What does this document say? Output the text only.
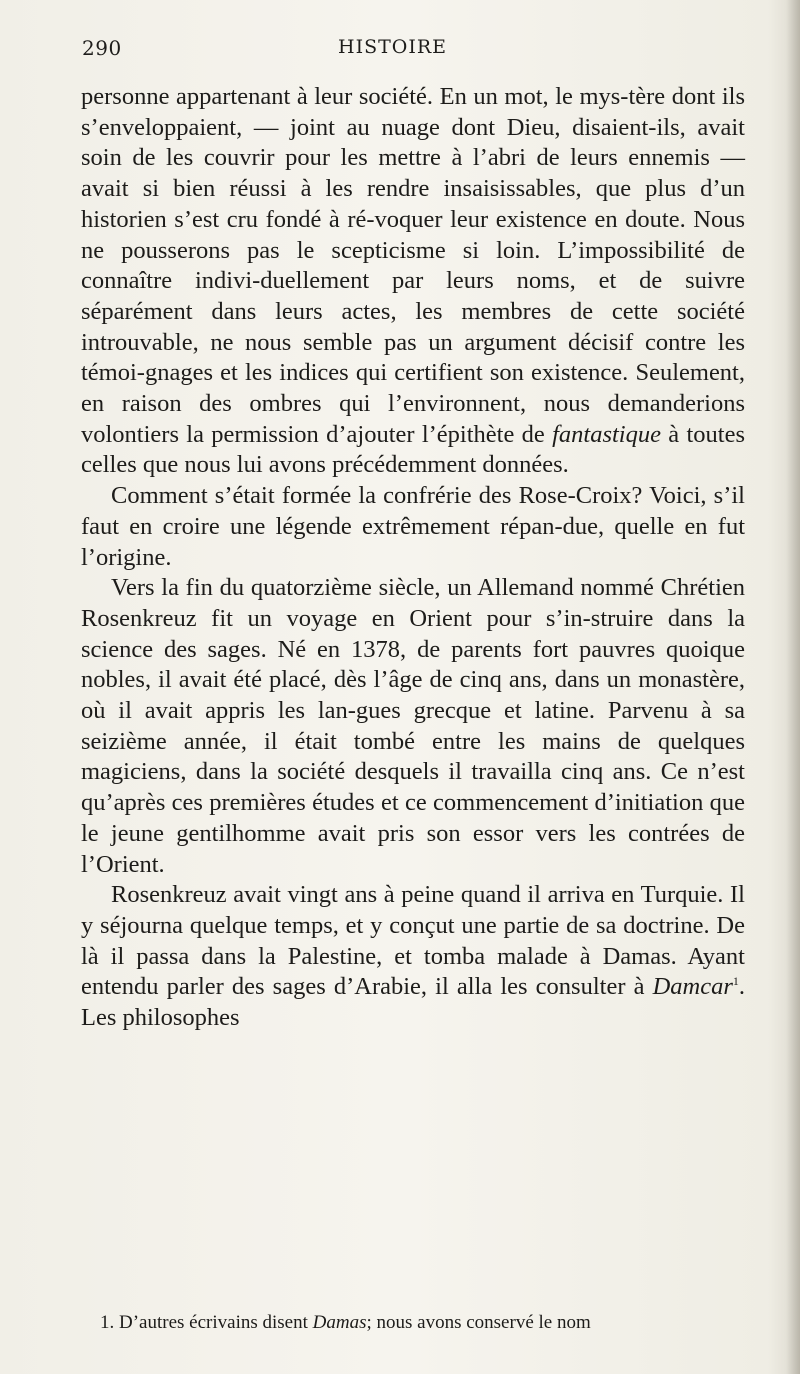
290	HISTOIRE

personne appartenant à leur société. En un mot, le mys-tère dont ils s’enveloppaient, — joint au nuage dont Dieu, disaient-ils, avait soin de les couvrir pour les mettre à l’abri de leurs ennemis — avait si bien réussi à les rendre insaisissables, que plus d’un historien s’est cru fondé à ré-voquer leur existence en doute. Nous ne pousserons pas le scepticisme si loin. L’impossibilité de connaître indivi-duellement par leurs noms, et de suivre séparément dans leurs actes, les membres de cette société introuvable, ne nous semble pas un argument décisif contre les témoi-gnages et les indices qui certifient son existence. Seulement, en raison des ombres qui l’environnent, nous demanderions volontiers la permission d’ajouter l’épithète de fantastique à toutes celles que nous lui avons précédemment données.

Comment s’était formée la confrérie des Rose-Croix? Voici, s’il faut en croire une légende extrêmement répan-due, quelle en fut l’origine.

Vers la fin du quatorzième siècle, un Allemand nommé Chrétien Rosenkreuz fit un voyage en Orient pour s’in-struire dans la science des sages. Né en 1378, de parents fort pauvres quoique nobles, il avait été placé, dès l’âge de cinq ans, dans un monastère, où il avait appris les lan-gues grecque et latine. Parvenu à sa seizième année, il était tombé entre les mains de quelques magiciens, dans la société desquels il travailla cinq ans. Ce n’est qu’après ces premières études et ce commencement d’initiation que le jeune gentilhomme avait pris son essor vers les contrées de l’Orient.

Rosenkreuz avait vingt ans à peine quand il arriva en Turquie. Il y séjourna quelque temps, et y conçut une partie de sa doctrine. De là il passa dans la Palestine, et tomba malade à Damas. Ayant entendu parler des sages d’Arabie, il alla les consulter à Damcar$^1$. Les philosophes

1. D’autres écrivains disent Damas; nous avons conservé le nom
